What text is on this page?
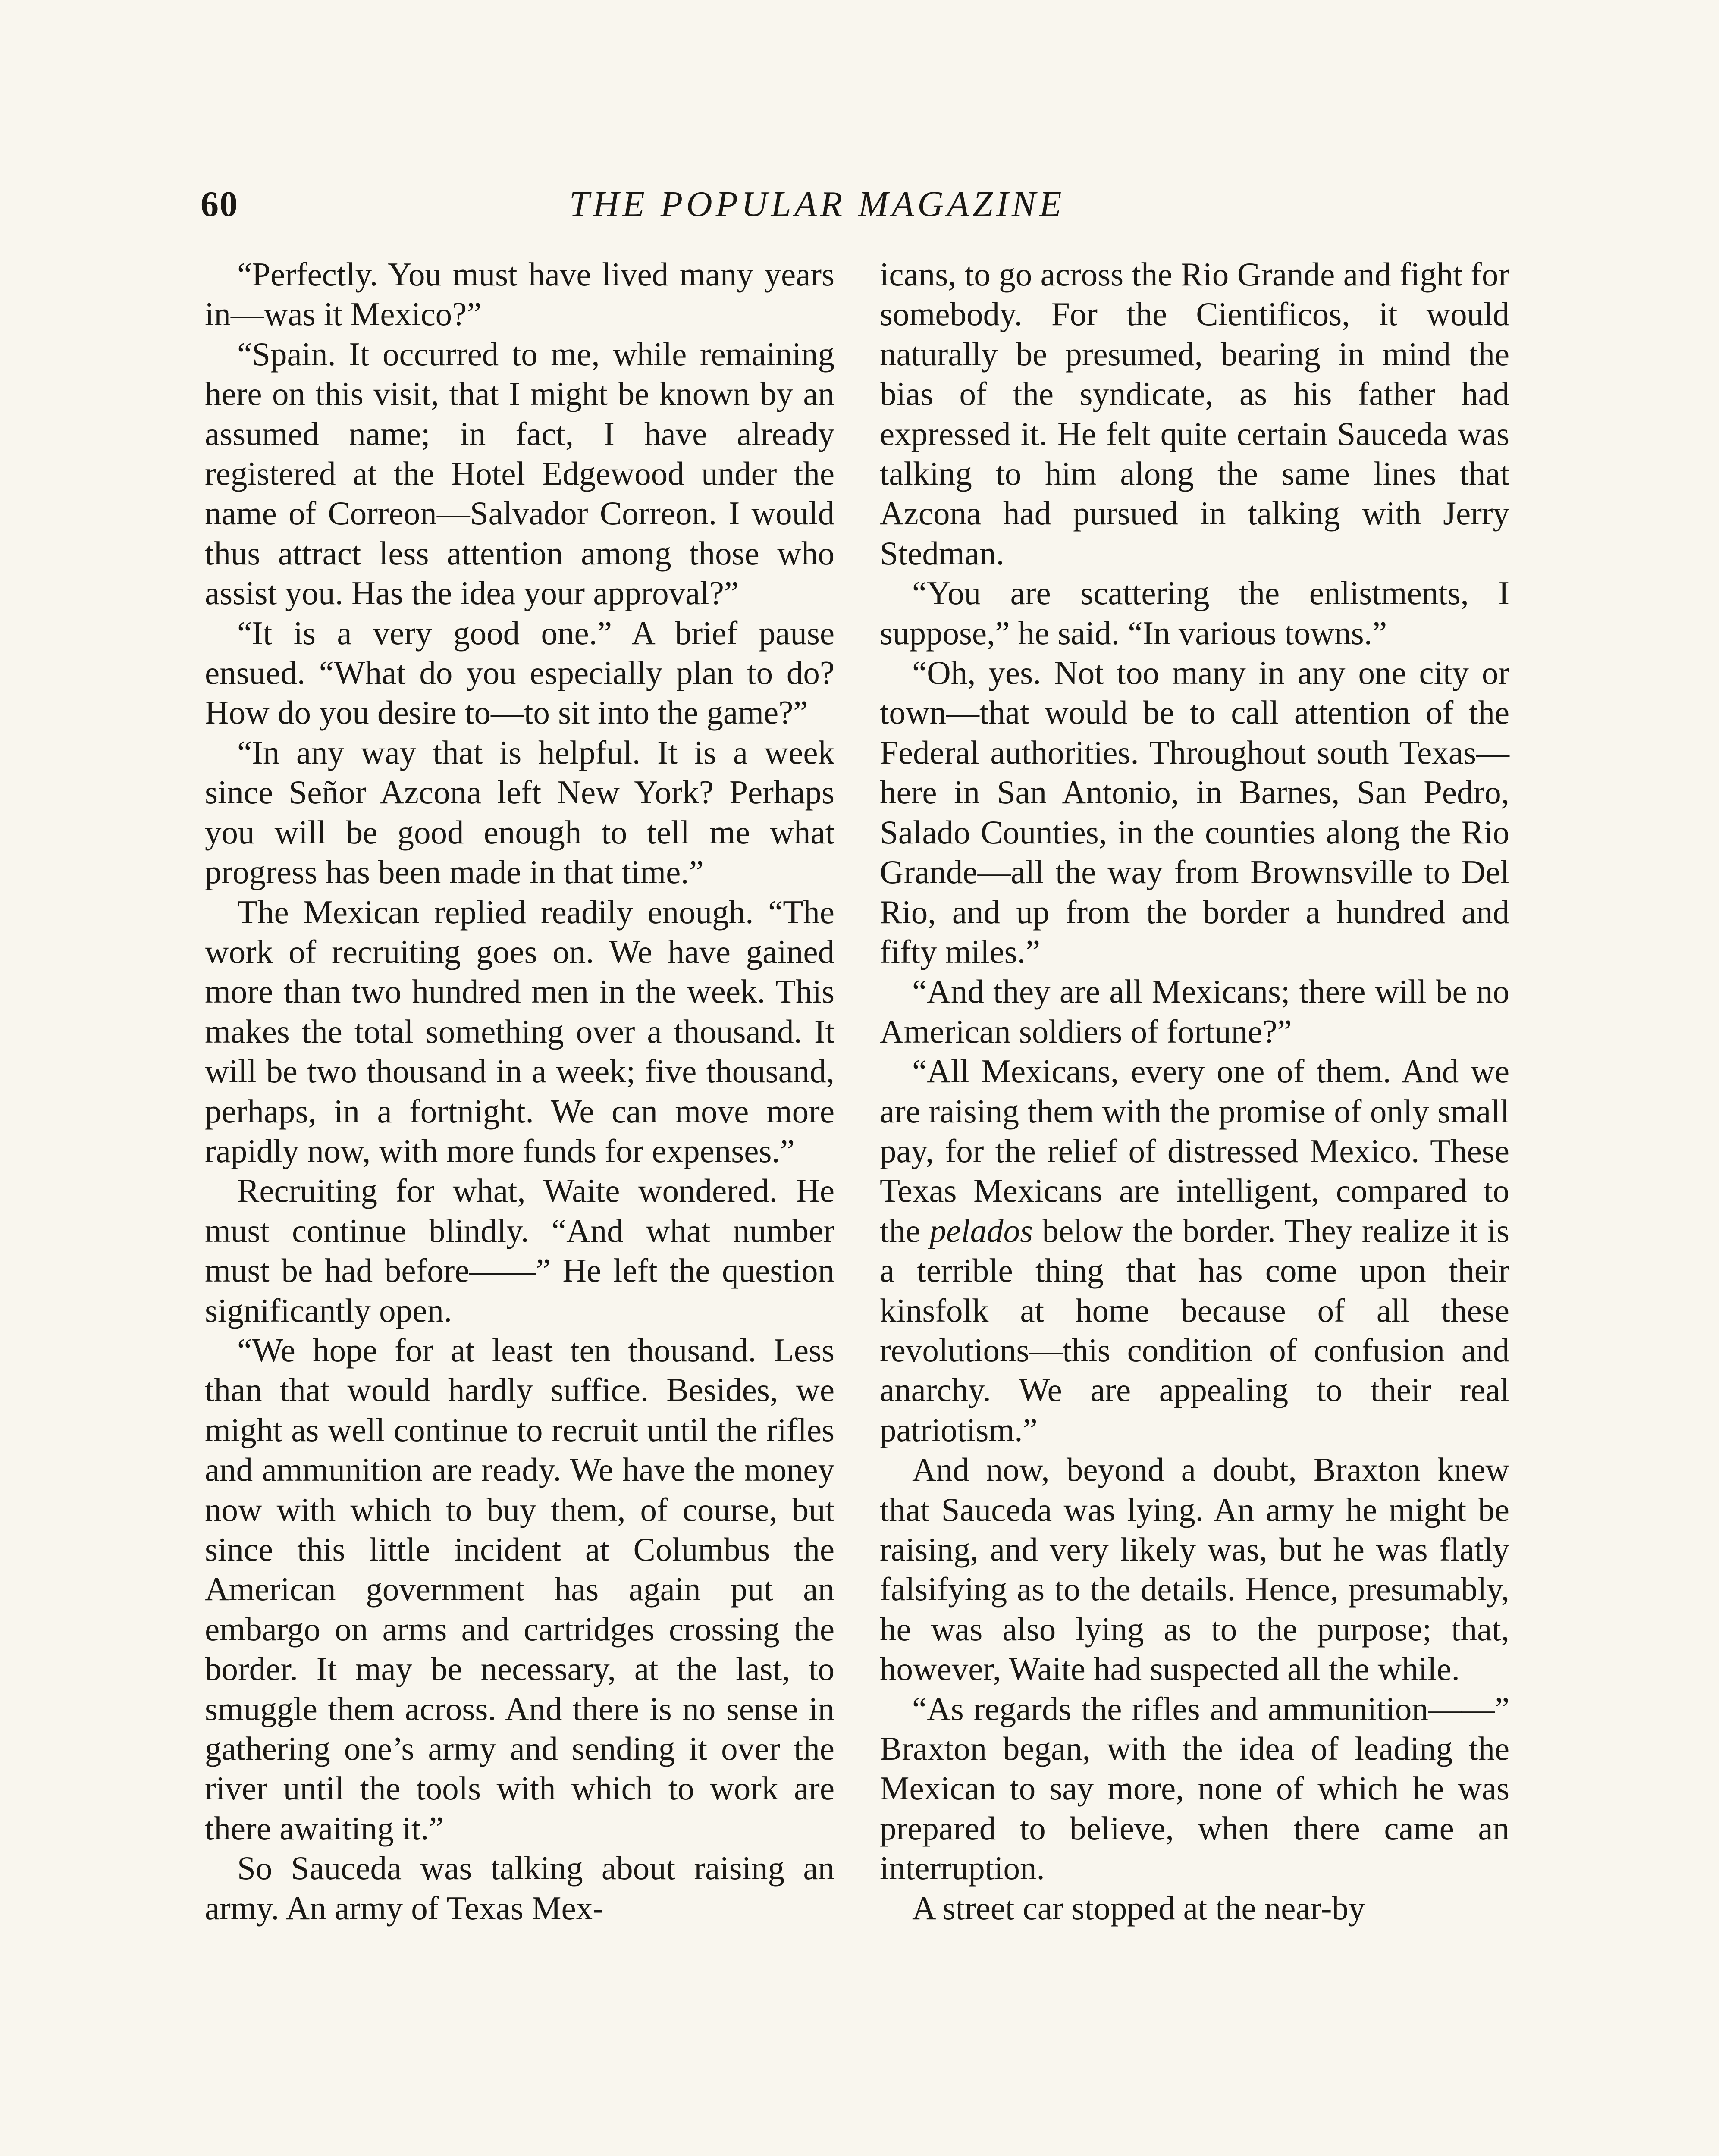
60	THE POPULAR MAGAZINE

“Perfectly. You must have lived many years in—was it Mexico?”

“Spain. It occurred to me, while remaining here on this visit, that I might be known by an assumed name; in fact, I have already registered at the Hotel Edgewood under the name of Correon—Salvador Correon. I would thus attract less attention among those who assist you. Has the idea your approval?”

“It is a very good one.” A brief pause ensued. “What do you especially plan to do? How do you desire to—to sit into the game?”

“In any way that is helpful. It is a week since Señor Azcona left New York? Perhaps you will be good enough to tell me what progress has been made in that time.”

The Mexican replied readily enough. “The work of recruiting goes on. We have gained more than two hundred men in the week. This makes the total something over a thousand. It will be two thousand in a week; five thousand, perhaps, in a fortnight. We can move more rapidly now, with more funds for expenses.”

Recruiting for what, Waite wondered. He must continue blindly. “And what number must be had before——” He left the question significantly open.

“We hope for at least ten thousand. Less than that would hardly suffice. Besides, we might as well continue to recruit until the rifles and ammunition are ready. We have the money now with which to buy them, of course, but since this little incident at Columbus the American government has again put an embargo on arms and cartridges crossing the border. It may be necessary, at the last, to smuggle them across. And there is no sense in gathering one’s army and sending it over the river until the tools with which to work are there awaiting it.”

So Sauceda was talking about raising an army. An army of Texas Mex-

icans, to go across the Rio Grande and fight for somebody. For the Cientificos, it would naturally be presumed, bearing in mind the bias of the syndicate, as his father had expressed it. He felt quite certain Sauceda was talking to him along the same lines that Azcona had pursued in talking with Jerry Stedman.

“You are scattering the enlistments, I suppose,” he said. “In various towns.”

“Oh, yes. Not too many in any one city or town—that would be to call attention of the Federal authorities. Throughout south Texas—here in San Antonio, in Barnes, San Pedro, Salado Counties, in the counties along the Rio Grande—all the way from Brownsville to Del Rio, and up from the border a hundred and fifty miles.”

“And they are all Mexicans; there will be no American soldiers of fortune?”

“All Mexicans, every one of them. And we are raising them with the promise of only small pay, for the relief of distressed Mexico. These Texas Mexicans are intelligent, compared to the pelados below the border. They realize it is a terrible thing that has come upon their kinsfolk at home because of all these revolutions—this condition of confusion and anarchy. We are appealing to their real patriotism.”

And now, beyond a doubt, Braxton knew that Sauceda was lying. An army he might be raising, and very likely was, but he was flatly falsifying as to the details. Hence, presumably, he was also lying as to the purpose; that, however, Waite had suspected all the while.

“As regards the rifles and ammunition——” Braxton began, with the idea of leading the Mexican to say more, none of which he was prepared to believe, when there came an interruption.

A street car stopped at the near-by
